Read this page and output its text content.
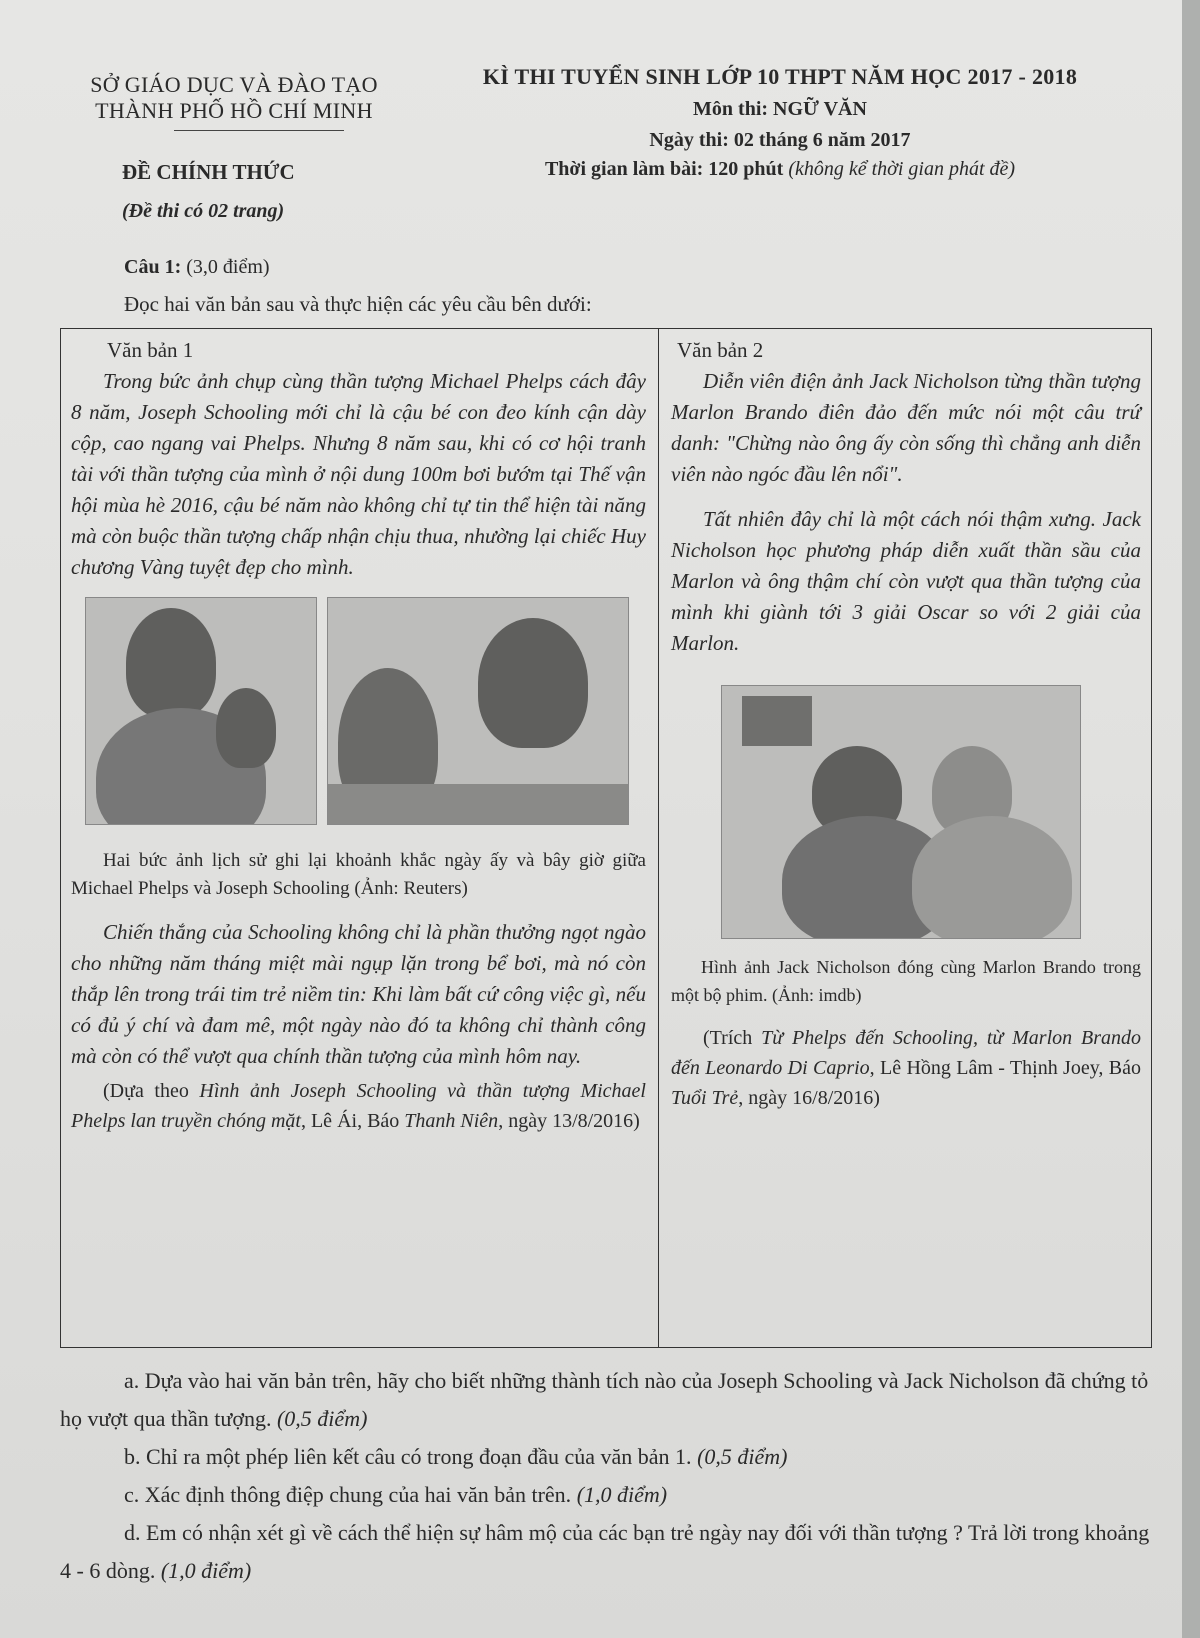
SỞ GIÁO DỤC VÀ ĐÀO TẠO
THÀNH PHỐ HỒ CHÍ MINH
ĐỀ CHÍNH THỨC
(Đề thi có 02 trang)
KÌ THI TUYỂN SINH LỚP 10 THPT NĂM HỌC 2017 - 2018
Môn thi: NGỮ VĂN
Ngày thi: 02 tháng 6 năm 2017
Thời gian làm bài: 120 phút (không kể thời gian phát đề)
Câu 1: (3,0 điểm)
Đọc hai văn bản sau và thực hiện các yêu cầu bên dưới:
Văn bản 1

Trong bức ảnh chụp cùng thần tượng Michael Phelps cách đây 8 năm, Joseph Schooling mới chỉ là cậu bé con đeo kính cận dày cộp, cao ngang vai Phelps. Nhưng 8 năm sau, khi có cơ hội tranh tài với thần tượng của mình ở nội dung 100m bơi bướm tại Thế vận hội mùa hè 2016, cậu bé năm nào không chỉ tự tin thể hiện tài năng mà còn buộc thần tượng chấp nhận chịu thua, nhường lại chiếc Huy chương Vàng tuyệt đẹp cho mình.

Hai bức ảnh lịch sử ghi lại khoảnh khắc ngày ấy và bây giờ giữa Michael Phelps và Joseph Schooling (Ảnh: Reuters)

Chiến thắng của Schooling không chỉ là phần thưởng ngọt ngào cho những năm tháng miệt mài ngụp lặn trong bể bơi, mà nó còn thắp lên trong trái tim trẻ niềm tin: Khi làm bất cứ công việc gì, nếu có đủ ý chí và đam mê, một ngày nào đó ta không chỉ thành công mà còn có thể vượt qua chính thần tượng của mình hôm nay.

(Dựa theo Hình ảnh Joseph Schooling và thần tượng Michael Phelps lan truyền chóng mặt, Lê Ái, Báo Thanh Niên, ngày 13/8/2016)

Văn bản 2

Diễn viên điện ảnh Jack Nicholson từng thần tượng Marlon Brando điên đảo đến mức nói một câu trứ danh: "Chừng nào ông ấy còn sống thì chẳng anh diễn viên nào ngóc đầu lên nổi".

Tất nhiên đây chỉ là một cách nói thậm xưng. Jack Nicholson học phương pháp diễn xuất thần sầu của Marlon và ông thậm chí còn vượt qua thần tượng của mình khi giành tới 3 giải Oscar so với 2 giải của Marlon.

Hình ảnh Jack Nicholson đóng cùng Marlon Brando trong một bộ phim. (Ảnh: imdb)

(Trích Từ Phelps đến Schooling, từ Marlon Brando đến Leonardo Di Caprio, Lê Hồng Lâm - Thịnh Joey, Báo Tuổi Trẻ, ngày 16/8/2016)

a. Dựa vào hai văn bản trên, hãy cho biết những thành tích nào của Joseph Schooling và Jack Nicholson đã chứng tỏ họ vượt qua thần tượng. (0,5 điểm)

b. Chỉ ra một phép liên kết câu có trong đoạn đầu của văn bản 1. (0,5 điểm)

c. Xác định thông điệp chung của hai văn bản trên. (1,0 điểm)

d. Em có nhận xét gì về cách thể hiện sự hâm mộ của các bạn trẻ ngày nay đối với thần tượng ? Trả lời trong khoảng 4 - 6 dòng. (1,0 điểm)
